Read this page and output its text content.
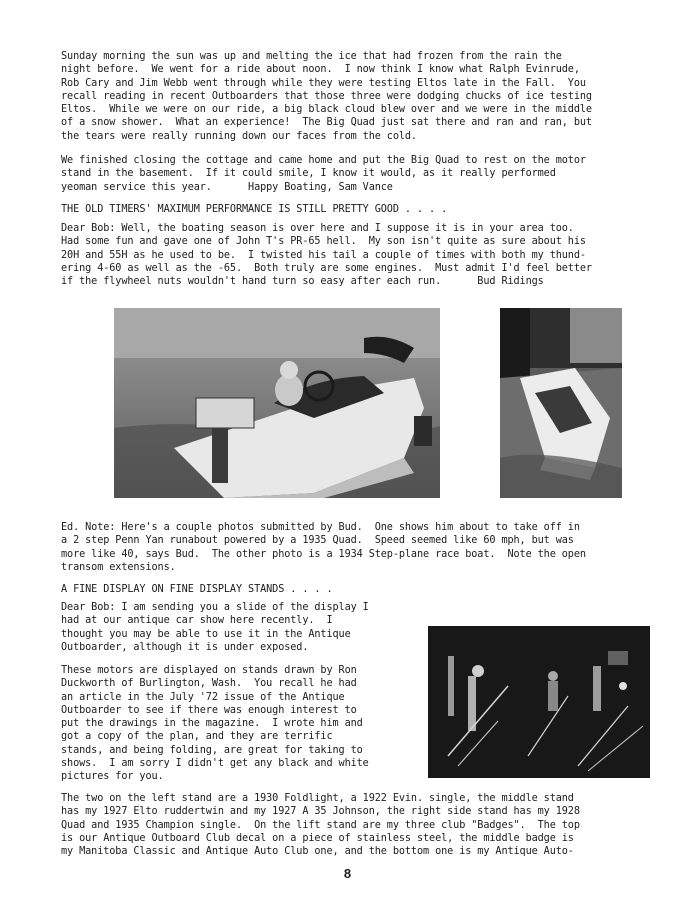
Sunday morning the sun was up and melting the ice that had frozen from the rain the
night before.  We went for a ride about noon.  I now think I know what Ralph Evinrude,
Rob Cary and Jim Webb went through while they were testing Eltos late in the Fall.  You
recall reading in recent Outboarders that those three were dodging chucks of ice testing
Eltos.  While we were on our ride, a big black cloud blew over and we were in the middle
of a snow shower.  What an experience!  The Big Quad just sat there and ran and ran, but
the tears were really running down our faces from the cold.

We finished closing the cottage and came home and put the Big Quad to rest on the motor
stand in the basement.  If it could smile, I know it would, as it really performed
yeoman service this year.      Happy Boating, Sam Vance

THE OLD TIMERS' MAXIMUM PERFORMANCE IS STILL PRETTY GOOD . . . .

Dear Bob: Well, the boating season is over here and I suppose it is in your area too.
Had some fun and gave one of John T's PR-65 hell.  My son isn't quite as sure about his
20H and 55H as he used to be.  I twisted his tail a couple of times with both my thund-
ering 4-60 as well as the -65.  Both truly are some engines.  Must admit I'd feel better
if the flywheel nuts wouldn't hand turn so easy after each run.      Bud Ridings

Ed. Note: Here's a couple photos submitted by Bud.  One shows him about to take off in
a 2 step Penn Yan runabout powered by a 1935 Quad.  Speed seemed like 60 mph, but was
more like 40, says Bud.  The other photo is a 1934 Step-plane race boat.  Note the open
transom extensions.

A FINE DISPLAY ON FINE DISPLAY STANDS . . . .

Dear Bob: I am sending you a slide of the display I
had at our antique car show here recently.  I
thought you may be able to use it in the Antique
Outboarder, although it is under exposed.

These motors are displayed on stands drawn by Ron
Duckworth of Burlington, Wash.  You recall he had
an article in the July '72 issue of the Antique
Outboarder to see if there was enough interest to
put the drawings in the magazine.  I wrote him and
got a copy of the plan, and they are terrific
stands, and being folding, are great for taking to
shows.  I am sorry I didn't get any black and white
pictures for you.

The two on the left stand are a 1930 Foldlight, a 1922 Evin. single, the middle stand
has my 1927 Elto ruddertwin and my 1927 A 35 Johnson, the right side stand has my 1928
Quad and 1935 Champion single.  On the lift stand are my three club "Badges".  The top
is our Antique Outboard Club decal on a piece of stainless steel, the middle badge is
my Manitoba Classic and Antique Auto Club one, and the bottom one is my Antique Auto-

8
